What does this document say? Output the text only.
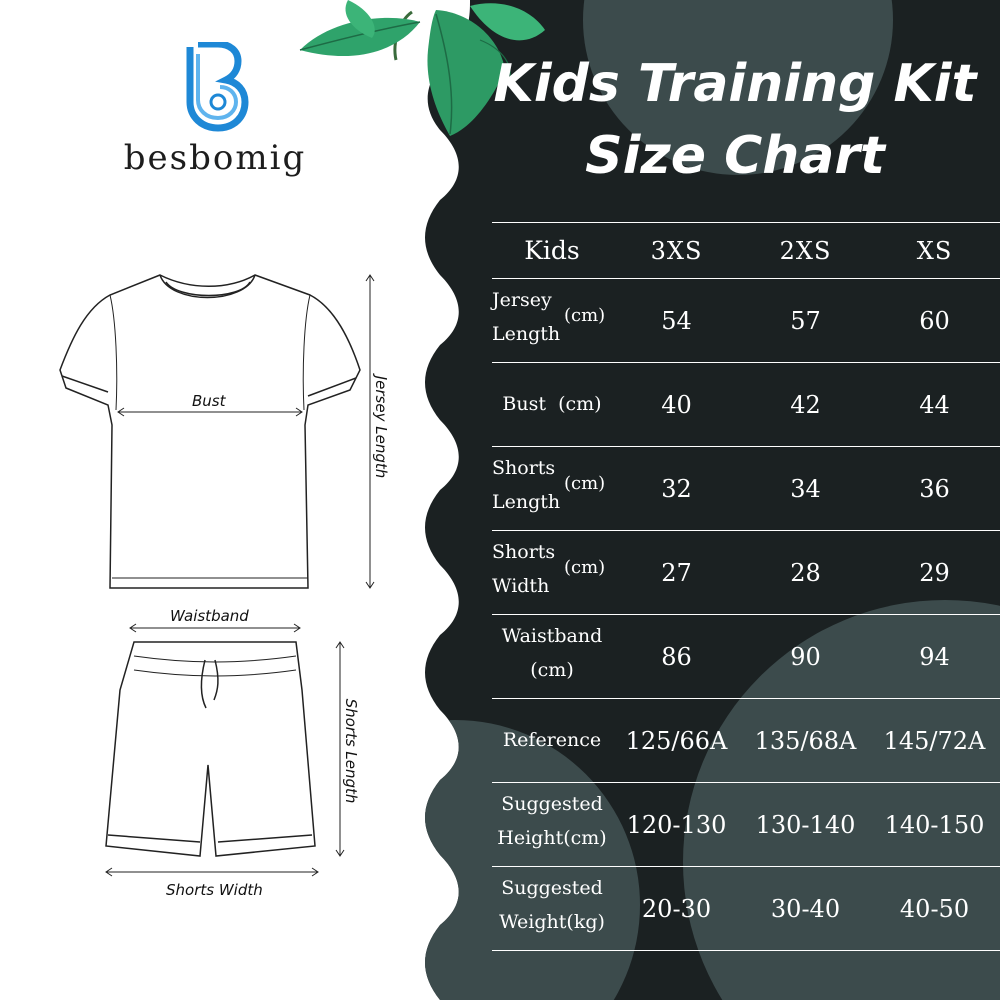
besbomig
Kids Training Kit
Size Chart
Bust	Jersey Length
Waistband
Shorts Length
Shorts Width
Kids	3XS	2XS	XS
Jersey
Length
(cm)	54	57	60
Bust  (cm)	40	42	44
Shorts
Length
(cm)	32	34	36
Shorts
Width
(cm)	27	28	29
Waistband
(cm)	86	90	94
Reference	125/66A	135/68A	145/72A
Suggested
Height(cm) 120-130	130-140	140-150
Suggested
Weight(kg)	20-30	30-40	40-50
